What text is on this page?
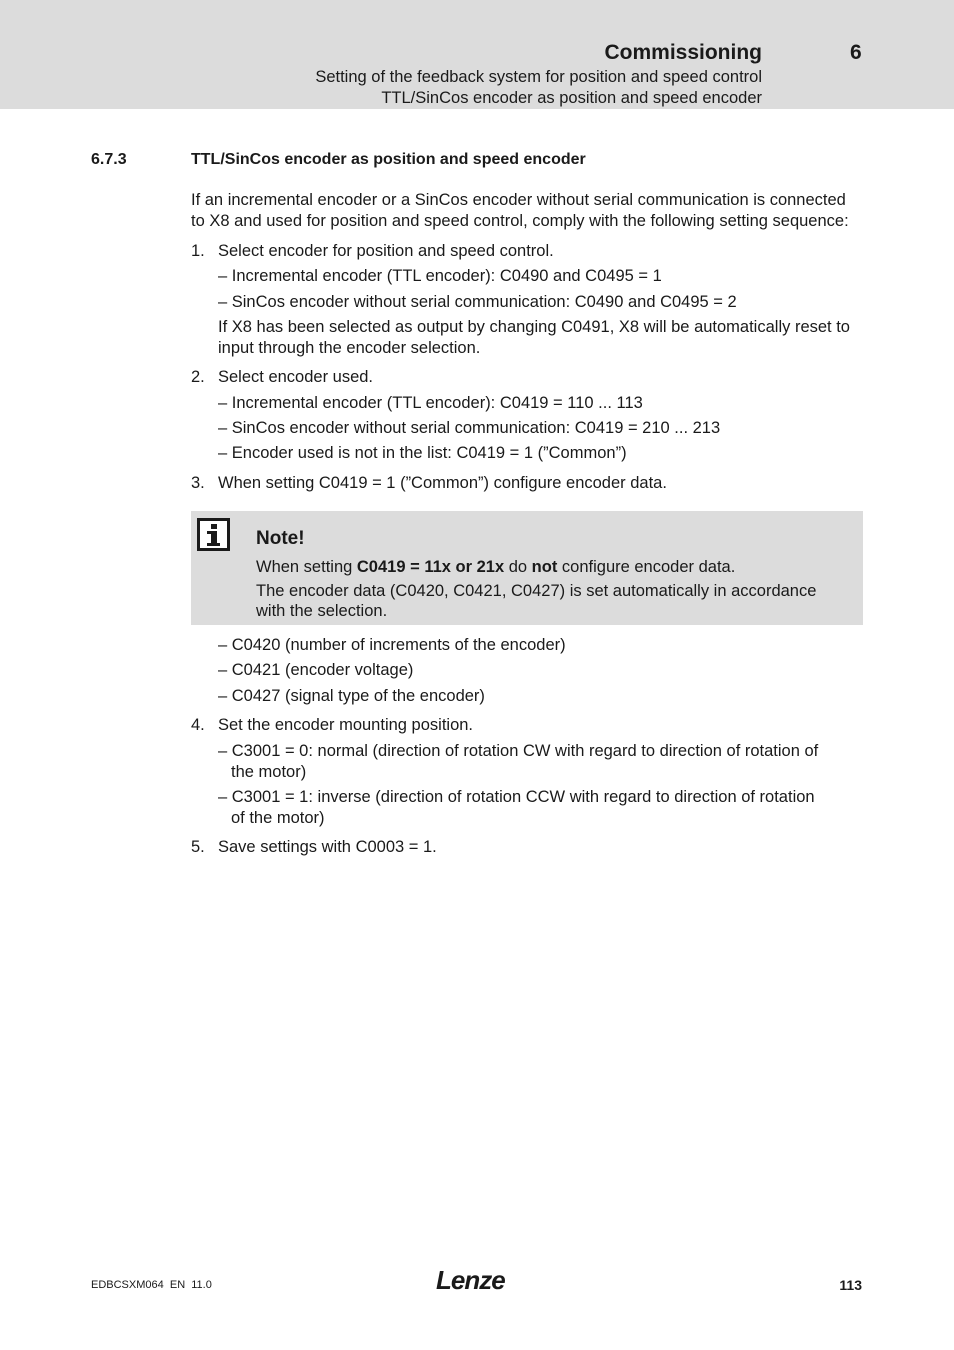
Commissioning	6
Setting of the feedback system for position and speed control
TTL/SinCos encoder as position and speed encoder
6.7.3	TTL/SinCos encoder as position and speed encoder
If an incremental encoder or a SinCos encoder without serial communication is connected
to X8 and used for position and speed control, comply with the following setting sequence:
1. Select encoder for position and speed control.
– Incremental encoder (TTL encoder): C0490 and C0495 = 1
– SinCos encoder without serial communication: C0490 and C0495 = 2
If X8 has been selected as output by changing C0491, X8 will be automatically reset to
input through the encoder selection.
2. Select encoder used.
– Incremental encoder (TTL encoder): C0419 = 110 ... 113
– SinCos encoder without serial communication: C0419 = 210 ... 213
– Encoder used is not in the list: C0419 = 1 (”Common”)
3. When setting C0419 = 1 (”Common”) configure encoder data.
Note!
When setting C0419 = 11x or 21x do not configure encoder data.
The encoder data (C0420, C0421, C0427) is set automatically in accordance
with the selection.
– C0420 (number of increments of the encoder)
– C0421 (encoder voltage)
– C0427 (signal type of the encoder)
4. Set the encoder mounting position.
– C3001 = 0: normal (direction of rotation CW with regard to direction of rotation of
the motor)
– C3001 = 1: inverse (direction of rotation CCW with regard to direction of rotation
of the motor)
5. Save settings with C0003 = 1.
EDBCSXM064  EN  11.0	Lenze	113
